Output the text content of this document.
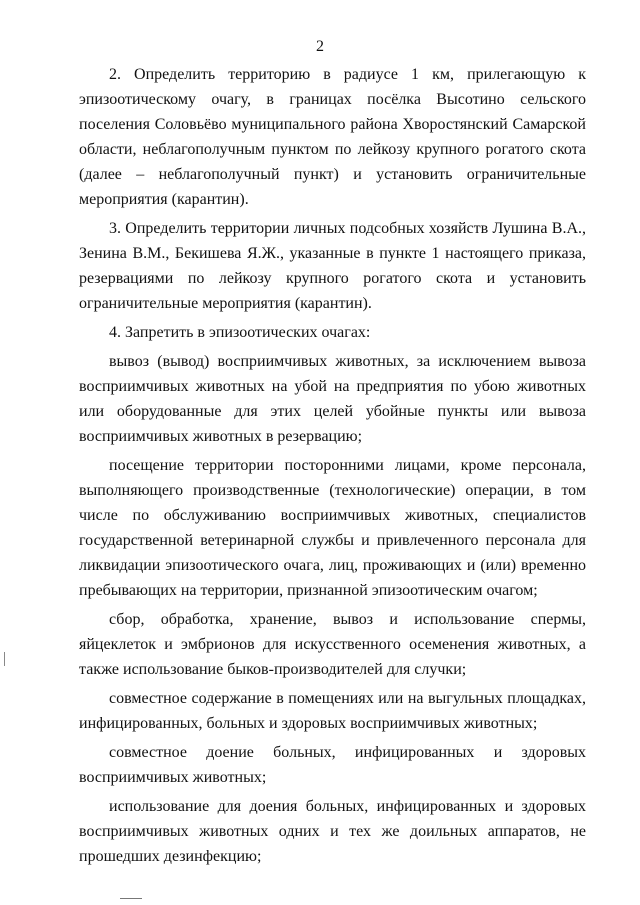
2

2. Определить территорию в радиусе 1 км, прилегающую к эпизоотическому очагу, в границах посёлка Высотино сельского поселения Соловьёво муниципального района Хворостянский Самарской области, неблагополучным пунктом по лейкозу крупного рогатого скота (далее – неблагополучный пункт) и установить ограничительные мероприятия (карантин).

3. Определить территории личных подсобных хозяйств Лушина В.А., Зенина В.М., Бекишева Я.Ж., указанные в пункте 1 настоящего приказа, резервациями по лейкозу крупного рогатого скота и установить ограничительные мероприятия (карантин).

4. Запретить в эпизоотических очагах:

вывоз (вывод) восприимчивых животных, за исключением вывоза восприимчивых животных на убой на предприятия по убою животных или оборудованные для этих целей убойные пункты или вывоза восприимчивых животных в резервацию;

посещение территории посторонними лицами, кроме персонала, выполняющего производственные (технологические) операции, в том числе по обслуживанию восприимчивых животных, специалистов государственной ветеринарной службы и привлеченного персонала для ликвидации эпизоотического очага, лиц, проживающих и (или) временно пребывающих на территории, признанной эпизоотическим очагом;

сбор, обработка, хранение, вывоз и использование спермы, яйцеклеток и эмбрионов для искусственного осеменения животных, а также использование быков-производителей для случки;

совместное содержание в помещениях или на выгульных площадках, инфицированных, больных и здоровых восприимчивых животных;

совместное доение больных, инфицированных и здоровых восприимчивых животных;

использование для доения больных, инфицированных и здоровых восприимчивых животных одних и тех же доильных аппаратов, не прошедших дезинфекцию;
